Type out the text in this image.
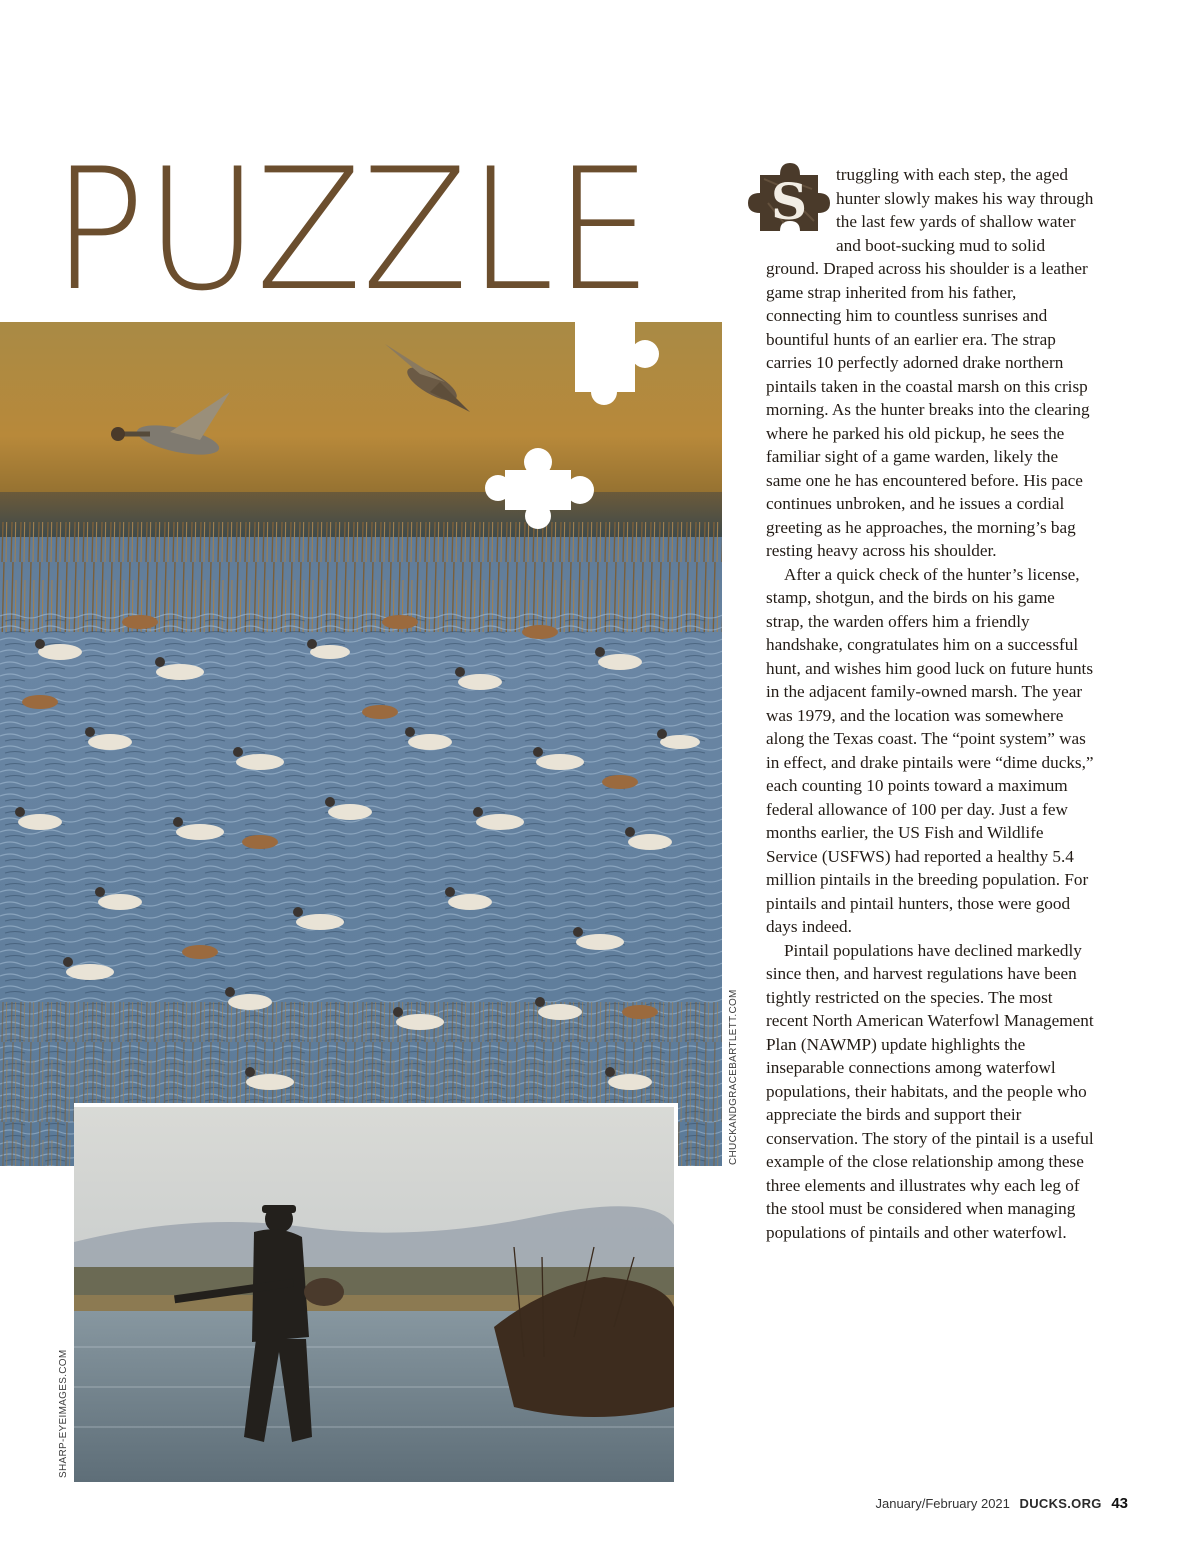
PUZZLE
CHUCKANDGRACEBARTLETT.COM
SHARP-EYEIMAGES.COM
S	truggling with each step, the aged hunter slowly makes his way through the last few yards of shallow water and boot-sucking mud to solid ground. Draped across his shoulder is a leather game strap inherited from his father, connecting him to countless sunrises and bountiful hunts of an earlier era. The strap carries 10 perfectly adorned drake northern pintails taken in the coastal marsh on this crisp morning. As the hunter breaks into the clearing where he parked his old pickup, he sees the familiar sight of a game warden, likely the same one he has encountered before. His pace continues unbroken, and he issues a cordial greeting as he approaches, the morning’s bag resting heavy across his shoulder.

After a quick check of the hunter’s license, stamp, shotgun, and the birds on his game strap, the warden offers him a friendly handshake, congratulates him on a successful hunt, and wishes him good luck on future hunts in the adjacent family-owned marsh. The year was 1979, and the location was somewhere along the Texas coast. The “point system” was in effect, and drake pintails were “dime ducks,” each counting 10 points toward a maximum federal allowance of 100 per day. Just a few months earlier, the US Fish and Wildlife Service (USFWS) had reported a healthy 5.4 million pintails in the breeding population. For pintails and pintail hunters, those were good days indeed.

Pintail populations have declined markedly since then, and harvest regulations have been tightly restricted on the species. The most recent North American Waterfowl Management Plan (NAWMP) update highlights the inseparable connections among waterfowl populations, their habitats, and the people who appreciate the birds and support their conservation. The story of the pintail is a useful example of the close relationship among these three elements and illustrates why each leg of the stool must be considered when managing populations of pintails and other waterfowl.

January/February 2021 DUCKS.ORG 43
